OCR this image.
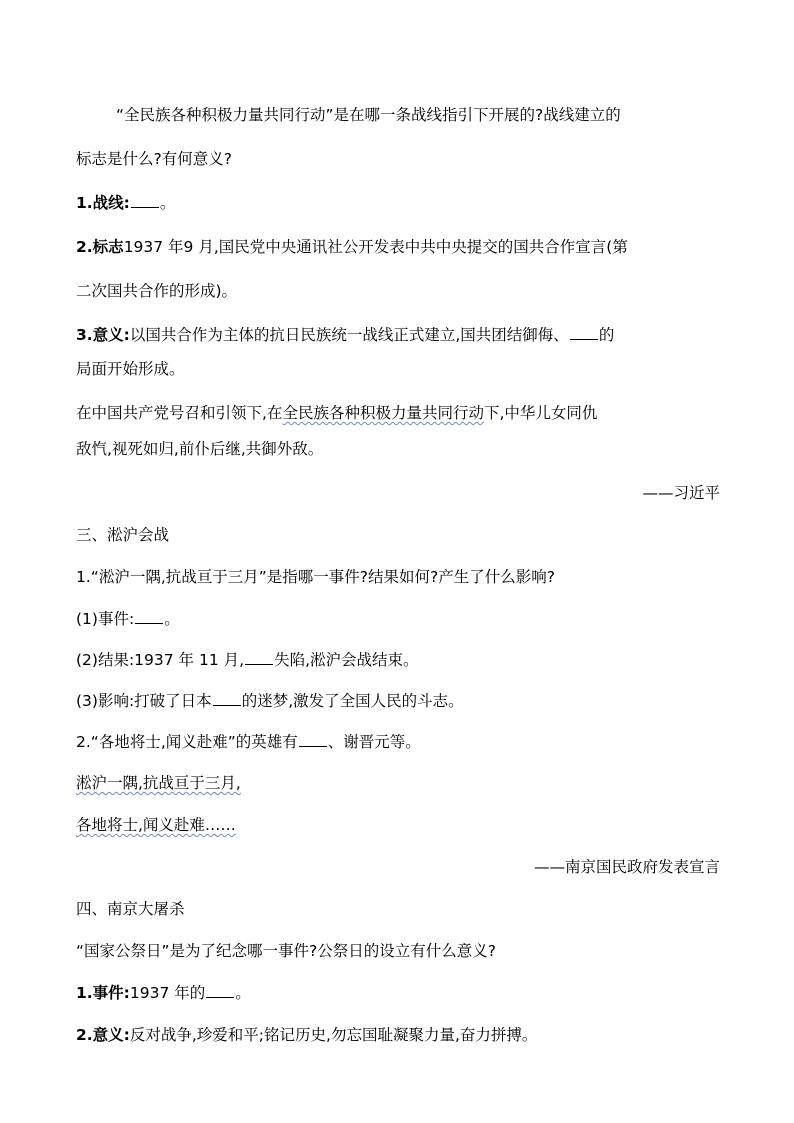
“全民族各种积极力量共同行动”是在哪一条战线指引下开展的?战线建立的
标志是什么?有何意义?
1.战线: 。
2.标志1937 年9 月,国民党中央通讯社公开发表中共中央提交的国共合作宣言(第
二次国共合作的形成)。
3.意义:以国共合作为主体的抗日民族统一战线正式建立,国共团结御侮、 的
局面开始形成。
在中国共产党号召和引领下,在全民族各种积极力量共同行动下,中华儿女同仇
敌忾,视死如归,前仆后继,共御外敌。
——习近平
三、淞沪会战
1.“淞沪一隅,抗战亘于三月”是指哪一事件?结果如何?产生了什么影响?
(1)事件: 。
(2)结果:1937 年 11 月, 失陷,淞沪会战结束。
(3)影响:打破了日本 的迷梦,激发了全国人民的斗志。
2.“各地将士,闻义赴难”的英雄有 、谢晋元等。
淞沪一隅,抗战亘于三月,
各地将士,闻义赴难……
——南京国民政府发表宣言
四、南京大屠杀
“国家公祭日”是为了纪念哪一事件?公祭日的设立有什么意义?
1.事件:1937 年的 。
2.意义:反对战争,珍爱和平;铭记历史,勿忘国耻凝聚力量,奋力拼搏。
